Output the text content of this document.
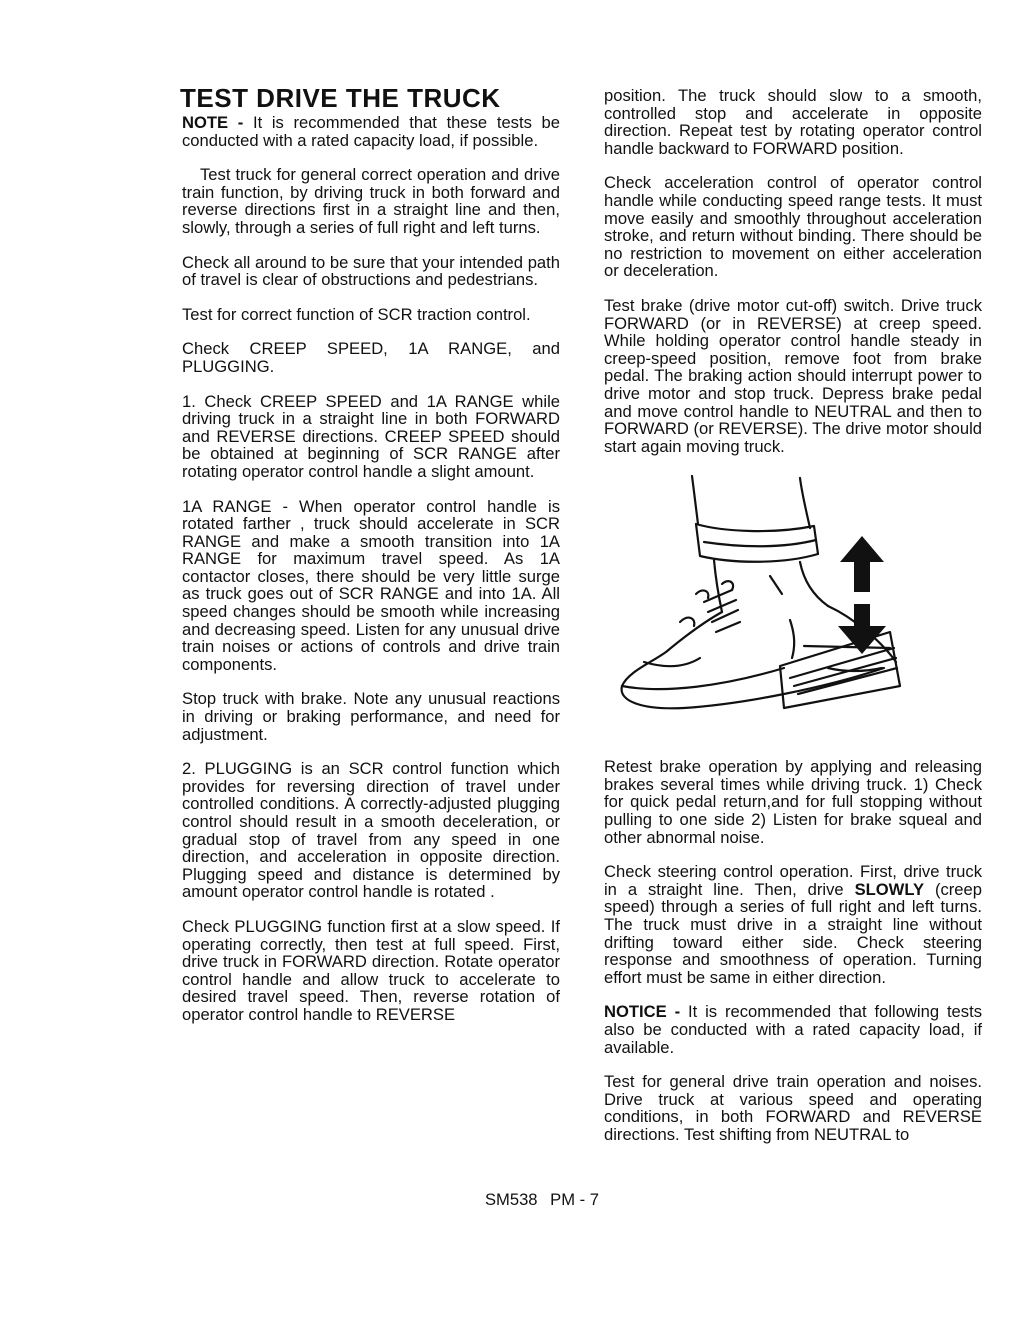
TEST DRIVE THE TRUCK

NOTE - It is recommended that these tests be conducted with a rated capacity load, if possible.

Test truck for general correct operation and drive train function, by driving truck in both forward and reverse directions first in a straight line and then, slowly, through a series of full right and left turns.

Check all around to be sure that your intended path of travel is clear of obstructions and pedestrians.

Test for correct function of SCR traction control.

Check CREEP SPEED, 1A RANGE, and PLUGGING.

1. Check CREEP SPEED and 1A RANGE while driving truck in a straight line in both FORWARD and REVERSE directions. CREEP SPEED should be obtained at beginning of SCR RANGE after rotating operator control handle a slight amount.

1A RANGE - When operator control handle is rotated farther , truck should accelerate in SCR RANGE and make a smooth transition into 1A RANGE for maximum travel speed. As 1A contactor closes, there should be very little surge as truck goes out of SCR RANGE and into 1A. All speed changes should be smooth while increasing and decreasing speed. Listen for any unusual drive train noises or actions of controls and drive train components.

Stop truck with brake. Note any unusual reactions in driving or braking performance, and need for adjustment.

2. PLUGGING is an SCR control function which provides for reversing direction of travel under controlled conditions. A correctly-adjusted plugging control should result in a smooth deceleration, or gradual stop of travel from any speed in one direction, and acceleration in opposite direction. Plugging speed and distance is determined by amount operator control handle is rotated .

Check PLUGGING function first at a slow speed. If operating correctly, then test at full speed. First, drive truck in FORWARD direction. Rotate operator control handle and allow truck to accelerate to desired travel speed. Then, reverse rotation of operator control handle to REVERSE

position. The truck should slow to a smooth, controlled stop and accelerate in opposite direction. Repeat test by rotating operator control handle backward to FORWARD position.

Check acceleration control of operator control handle while conducting speed range tests. It must move easily and smoothly throughout acceleration stroke, and return without binding. There should be no restriction to movement on either acceleration or deceleration.

Test brake (drive motor cut-off) switch. Drive truck FORWARD (or in REVERSE) at creep speed. While holding operator control handle steady in creep-speed position, remove foot from brake pedal. The braking action should interrupt power to drive motor and stop truck. Depress brake pedal and move control handle to NEUTRAL and then to FORWARD (or REVERSE). The drive motor should start again moving truck.

Retest brake operation by applying and releasing brakes several times while driving truck. 1) Check for quick pedal return,and for full stopping without pulling to one side 2) Listen for brake squeal and other abnormal noise.

Check steering control operation. First, drive truck in a straight line. Then, drive SLOWLY (creep speed) through a series of full right and left turns. The truck must drive in a straight line without drifting toward either side. Check steering response and smoothness of operation. Turning effort must be same in either direction.

NOTICE - It is recommended that following tests also be conducted with a rated capacity load, if available.

Test for general drive train operation and noises. Drive truck at various speed and operating conditions, in both FORWARD and REVERSE directions. Test shifting from NEUTRAL to

SM538 PM - 7
